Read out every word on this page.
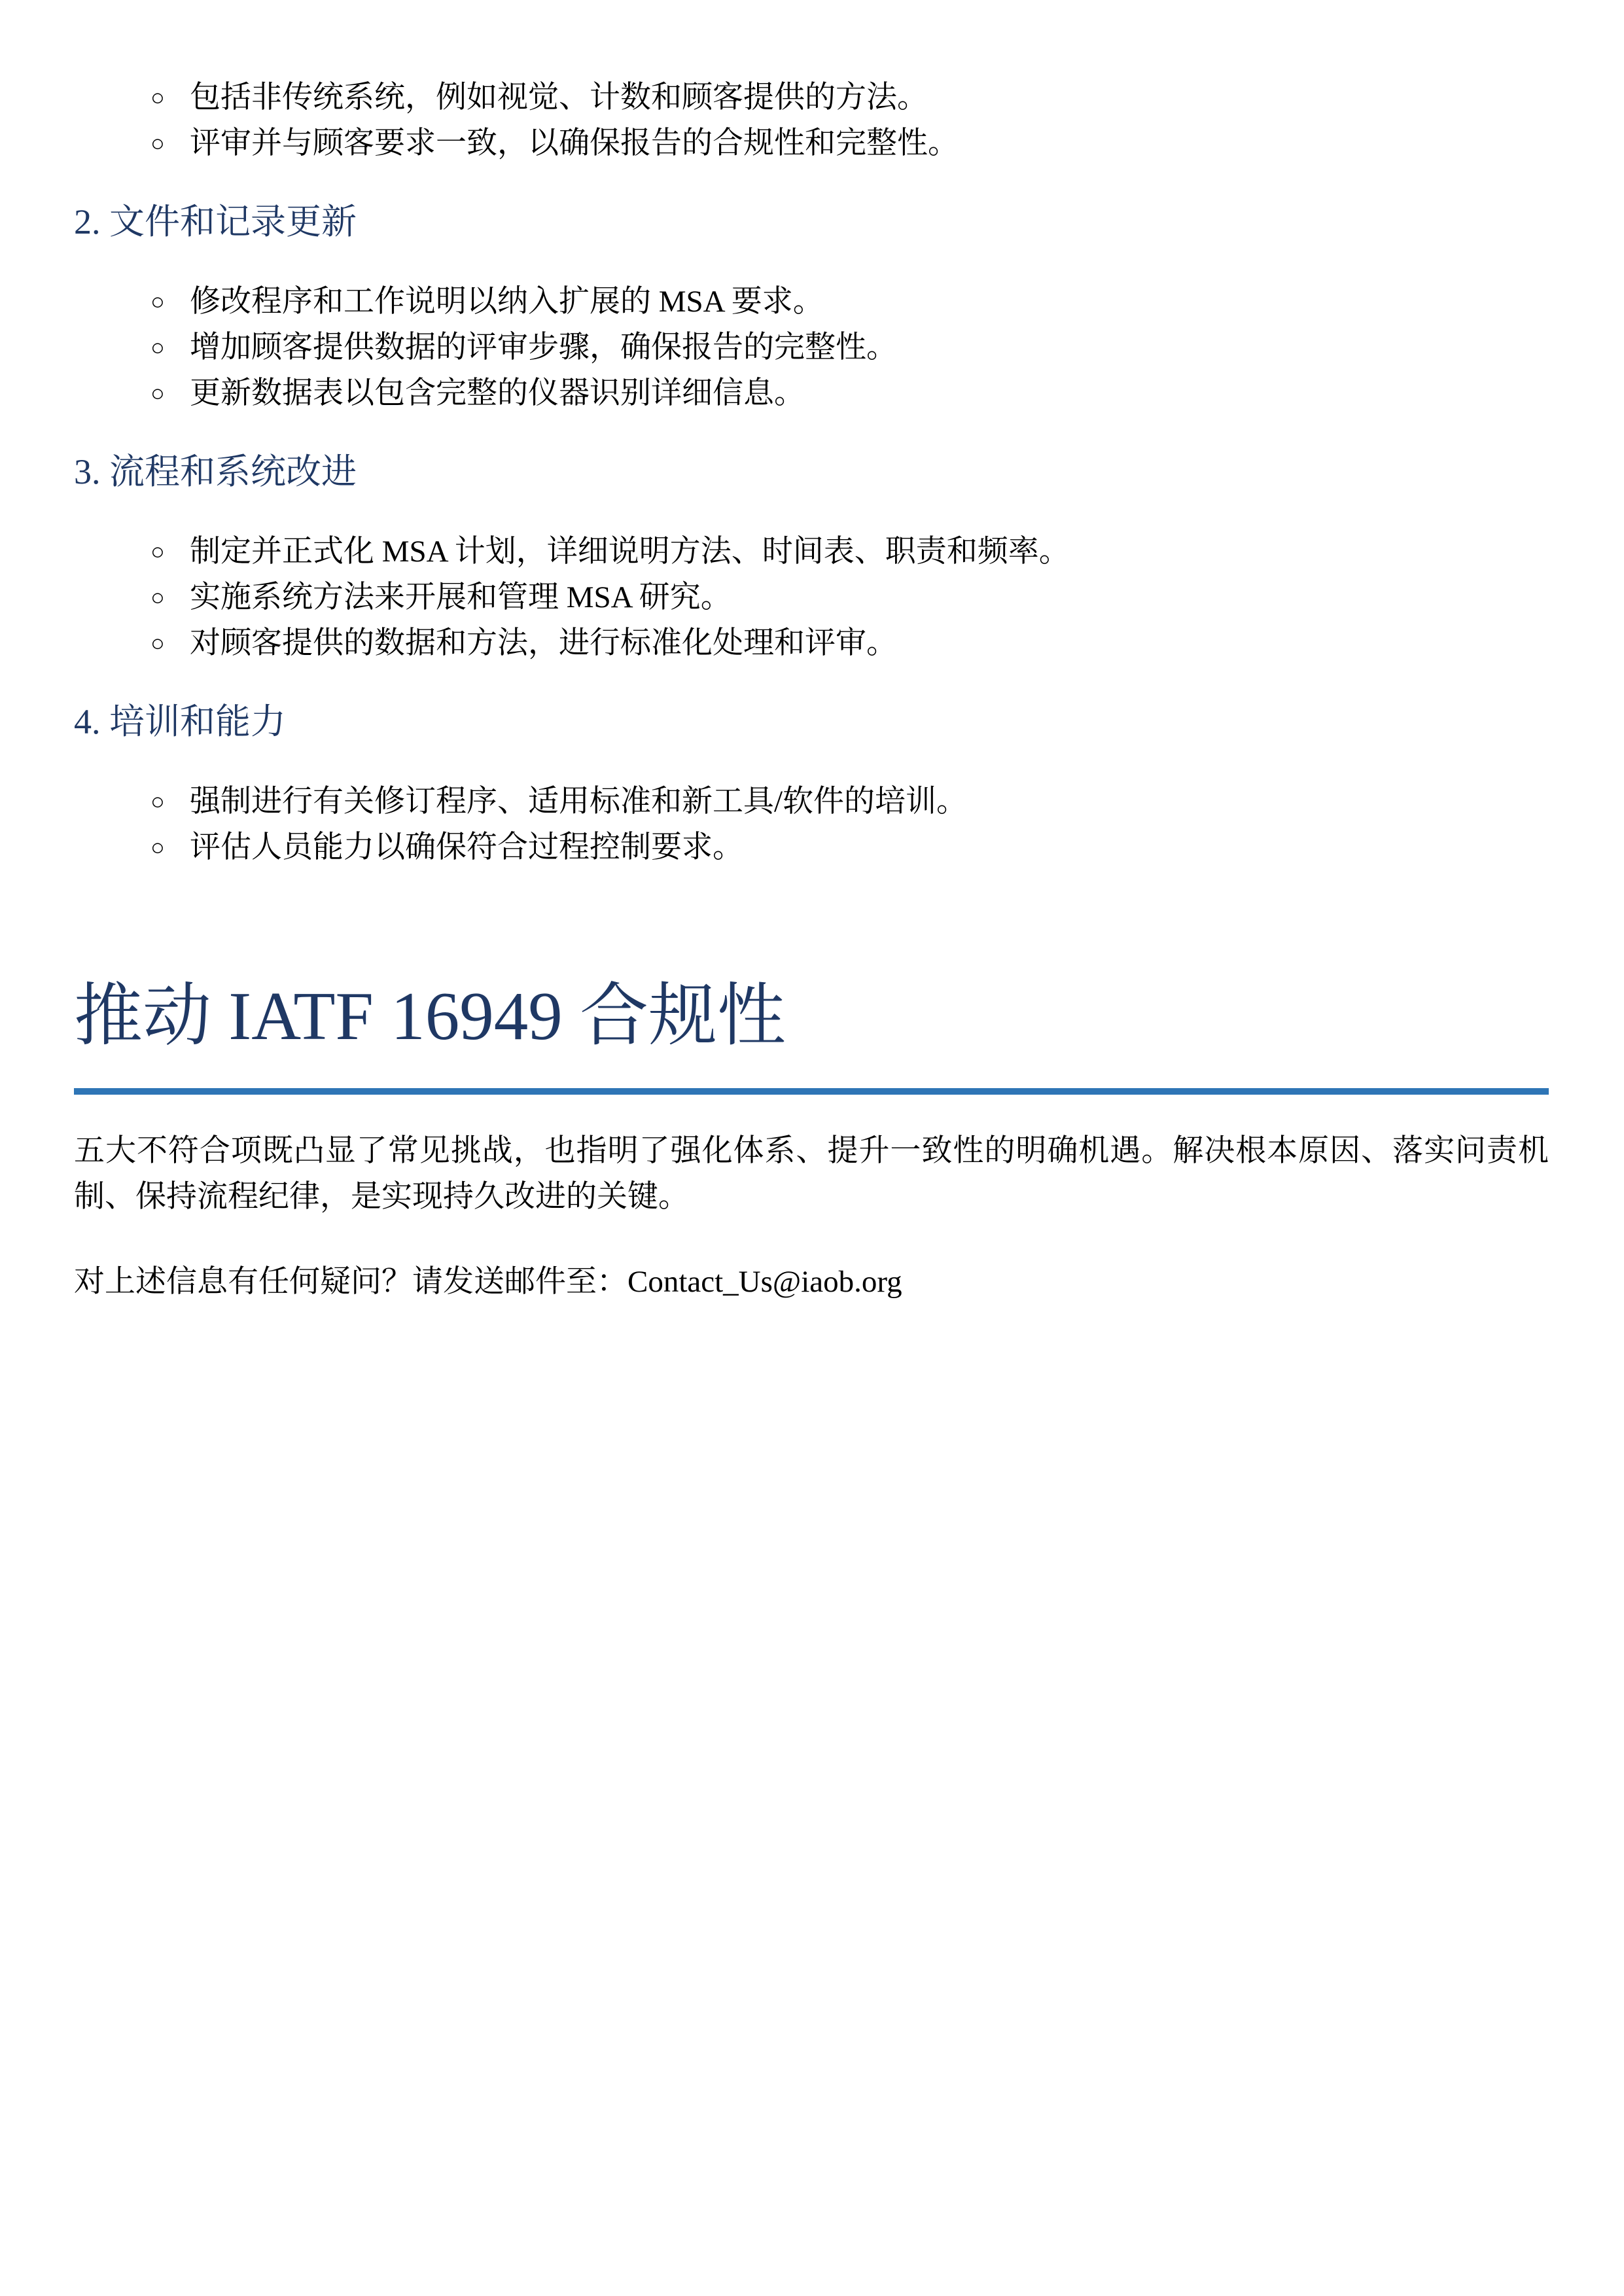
○ 包括非传统系统，例如视觉、计数和顾客提供的方法。
○ 评审并与顾客要求一致，以确保报告的合规性和完整性。
2. 文件和记录更新
○ 修改程序和工作说明以纳入扩展的 MSA 要求。
○ 增加顾客提供数据的评审步骤，确保报告的完整性。
○ 更新数据表以包含完整的仪器识别详细信息。
3. 流程和系统改进
○ 制定并正式化 MSA 计划，详细说明方法、时间表、职责和频率。
○ 实施系统方法来开展和管理 MSA 研究。
○ 对顾客提供的数据和方法，进行标准化处理和评审。
4. 培训和能力
○ 强制进行有关修订程序、适用标准和新工具/软件的培训。
○ 评估人员能力以确保符合过程控制要求。
推动 IATF 16949 合规性

五大不符合项既凸显了常见挑战，也指明了强化体系、提升一致性的明确机遇。解决根本原因、落实问责机制、保持流程纪律，是实现持久改进的关键。

对上述信息有任何疑问？请发送邮件至：Contact_Us@iaob.org
